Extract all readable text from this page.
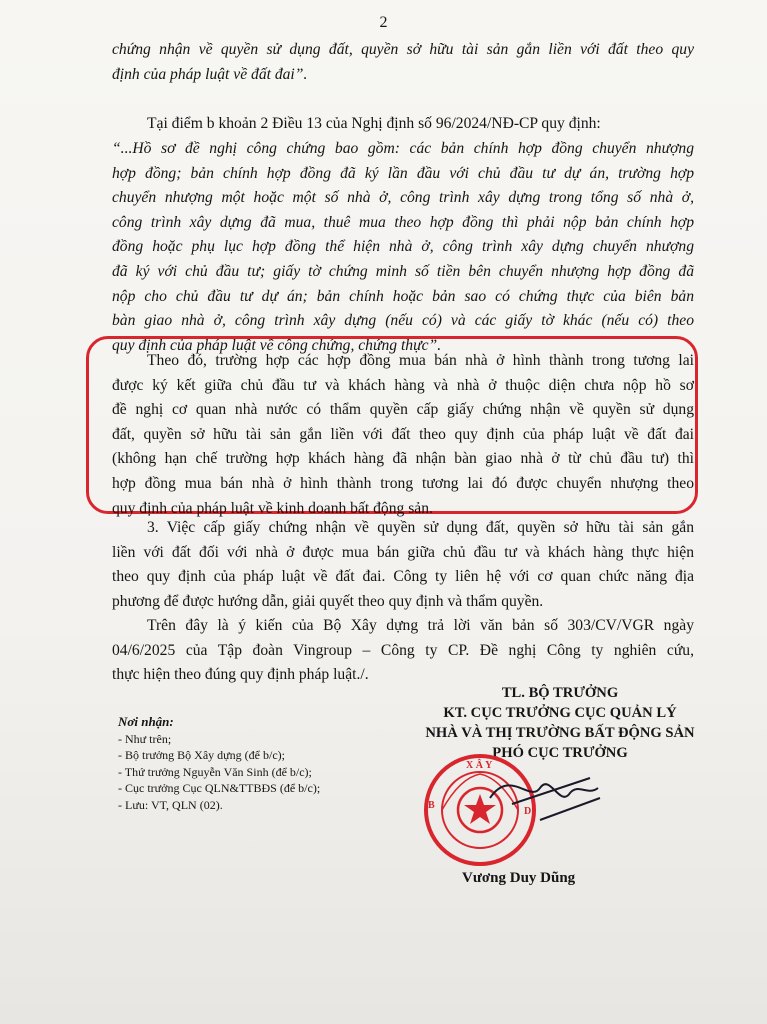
2
chứng nhận về quyền sử dụng đất, quyền sở hữu tài sản gắn liền với đất theo quy
định của pháp luật về đất đai”.
Tại điểm b khoản 2 Điều 13 của Nghị định số 96/2024/NĐ-CP quy định:
“...Hồ sơ đề nghị công chứng bao gồm: các bản chính hợp đồng chuyển nhượng
hợp đồng; bản chính hợp đồng đã ký lần đầu với chủ đầu tư dự án, trường hợp
chuyển nhượng một hoặc một số nhà ở, công trình xây dựng trong tổng số nhà ở,
công trình xây dựng đã mua, thuê mua theo hợp đồng thì phải nộp bản chính hợp
đồng hoặc phụ lục hợp đồng thể hiện nhà ở, công trình xây dựng chuyển nhượng
đã ký với chủ đầu tư; giấy tờ chứng minh số tiền bên chuyển nhượng hợp đồng đã
nộp cho chủ đầu tư dự án; bản chính hoặc bản sao có chứng thực của biên bản
bàn giao nhà ở, công trình xây dựng (nếu có) và các giấy tờ khác (nếu có) theo
quy định của pháp luật về công chứng, chứng thực”.
Theo đó, trường hợp các hợp đồng mua bán nhà ở hình thành trong tương lai
được ký kết giữa chủ đầu tư và khách hàng và nhà ở thuộc diện chưa nộp hồ sơ
đề nghị cơ quan nhà nước có thẩm quyền cấp giấy chứng nhận về quyền sử dụng
đất, quyền sở hữu tài sản gắn liền với đất theo quy định của pháp luật về đất đai
(không hạn chế trường hợp khách hàng đã nhận bàn giao nhà ở từ chủ đầu tư) thì
hợp đồng mua bán nhà ở hình thành trong tương lai đó được chuyển nhượng theo
quy định của pháp luật về kinh doanh bất động sản.
3. Việc cấp giấy chứng nhận về quyền sử dụng đất, quyền sở hữu tài sản gắn
liền với đất đối với nhà ở được mua bán giữa chủ đầu tư và khách hàng thực hiện
theo quy định của pháp luật về đất đai. Công ty liên hệ với cơ quan chức năng địa
phương để được hướng dẫn, giải quyết theo quy định và thẩm quyền.
Trên đây là ý kiến của Bộ Xây dựng trả lời văn bản số 303/CV/VGR ngày
04/6/2025 của Tập đoàn Vingroup – Công ty CP. Đề nghị Công ty nghiên cứu,
thực hiện theo đúng quy định pháp luật./.
TL. BỘ TRƯỞNG
KT. CỤC TRƯỞNG CỤC QUẢN LÝ
NHÀ VÀ THỊ TRƯỜNG BẤT ĐỘNG SẢN
PHÓ CỤC TRƯỞNG
Nơi nhận:
- Như trên;
- Bộ trưởng Bộ Xây dựng (để b/c);
- Thứ trưởng Nguyễn Văn Sinh (để b/c);
- Cục trưởng Cục QLN&TTBĐS (để b/c);
- Lưu: VT, QLN (02).
X Â Y
B
D
Vương Duy Dũng
